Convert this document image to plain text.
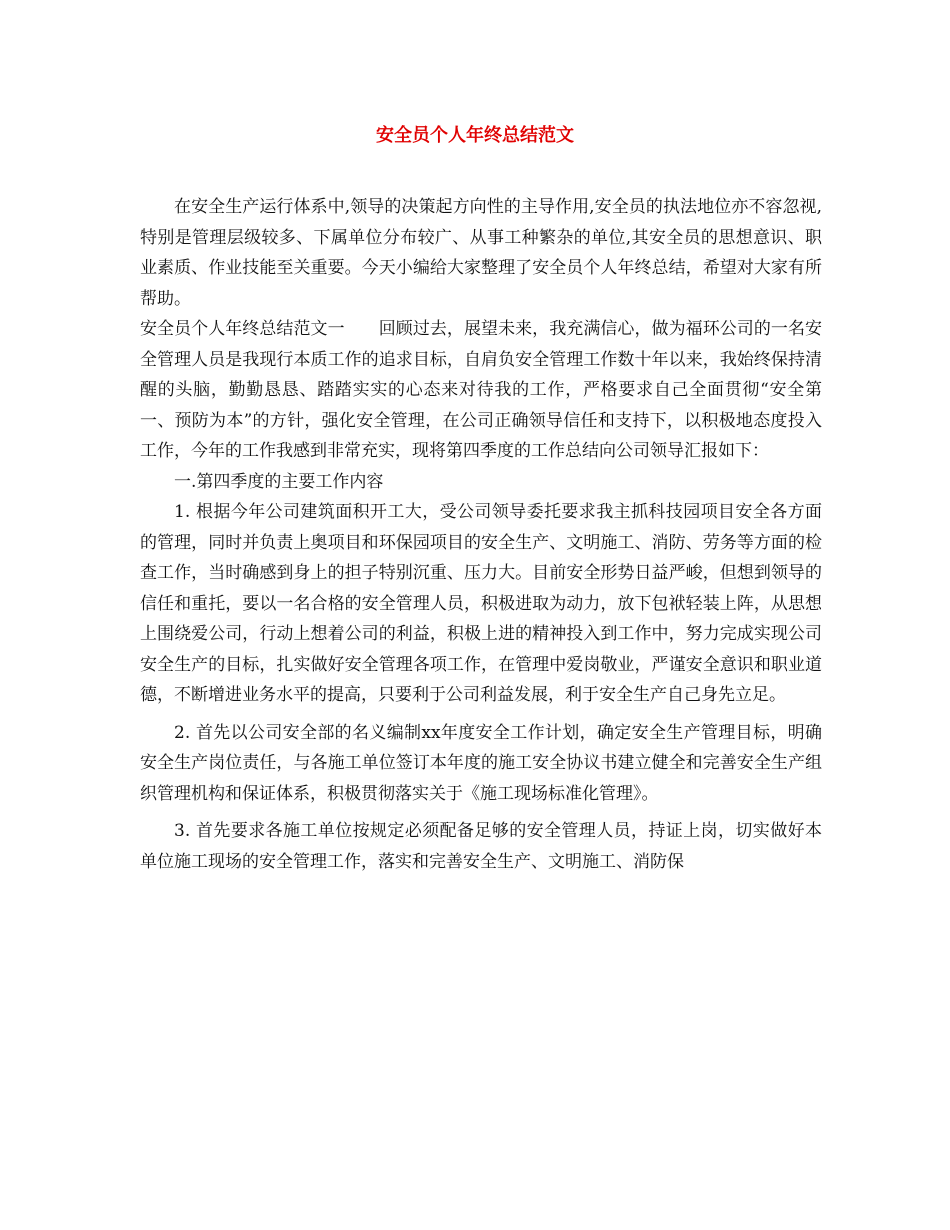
安全员个人年终总结范文

在安全生产运行体系中,领导的决策起方向性的主导作用,安全员的执法地位亦不容忽视,特别是管理层级较多、下属单位分布较广、从事工种繁杂的单位,其安全员的思想意识、职业素质、作业技能至关重要。今天小编给大家整理了安全员个人年终总结，希望对大家有所帮助。

安全员个人年终总结范文一　　回顾过去，展望未来，我充满信心，做为福环公司的一名安全管理人员是我现行本质工作的追求目标，自肩负安全管理工作数十年以来，我始终保持清醒的头脑，勤勤恳恳、踏踏实实的心态来对待我的工作，严格要求自己全面贯彻“安全第一、预防为本”的方针，强化安全管理，在公司正确领导信任和支持下，以积极地态度投入工作，今年的工作我感到非常充实，现将第四季度的工作总结向公司领导汇报如下：

一.第四季度的主要工作内容

1. 根据今年公司建筑面积开工大，受公司领导委托要求我主抓科技园项目安全各方面的管理，同时并负责上奥项目和环保园项目的安全生产、文明施工、消防、劳务等方面的检查工作，当时确感到身上的担子特别沉重、压力大。目前安全形势日益严峻，但想到领导的信任和重托，要以一名合格的安全管理人员，积极进取为动力，放下包袱轻装上阵，从思想上围绕爱公司，行动上想着公司的利益，积极上进的精神投入到工作中，努力完成实现公司安全生产的目标，扎实做好安全管理各项工作，在管理中爱岗敬业，严谨安全意识和职业道德，不断增进业务水平的提高，只要利于公司利益发展，利于安全生产自己身先立足。

2. 首先以公司安全部的名义编制xx年度安全工作计划，确定安全生产管理目标，明确安全生产岗位责任，与各施工单位签订本年度的施工安全协议书建立健全和完善安全生产组织管理机构和保证体系，积极贯彻落实关于《施工现场标准化管理》。

3. 首先要求各施工单位按规定必须配备足够的安全管理人员，持证上岗，切实做好本单位施工现场的安全管理工作，落实和完善安全生产、文明施工、消防保
